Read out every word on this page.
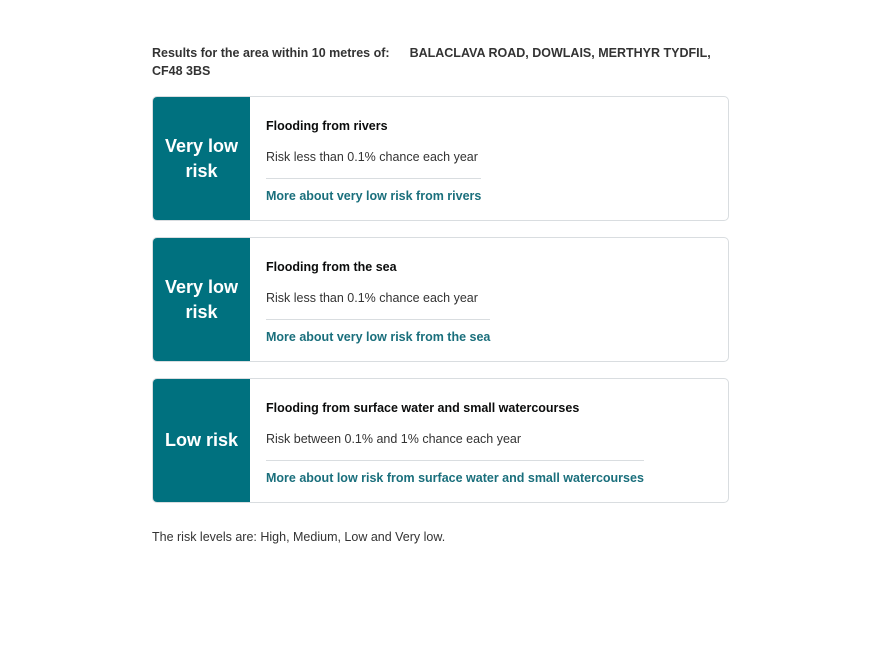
Results for the area within 10 metres of: BALACLAVA ROAD, DOWLAIS, MERTHYR TYDFIL, CF48 3BS

Very low risk

Flooding from rivers

Risk less than 0.1% chance each year

More about very low risk from rivers
Very low risk

Flooding from the sea

Risk less than 0.1% chance each year

More about very low risk from the sea
Low risk

Flooding from surface water and small watercourses

Risk between 0.1% and 1% chance each year

More about low risk from surface water and small watercourses

The risk levels are: High, Medium, Low and Very low.
